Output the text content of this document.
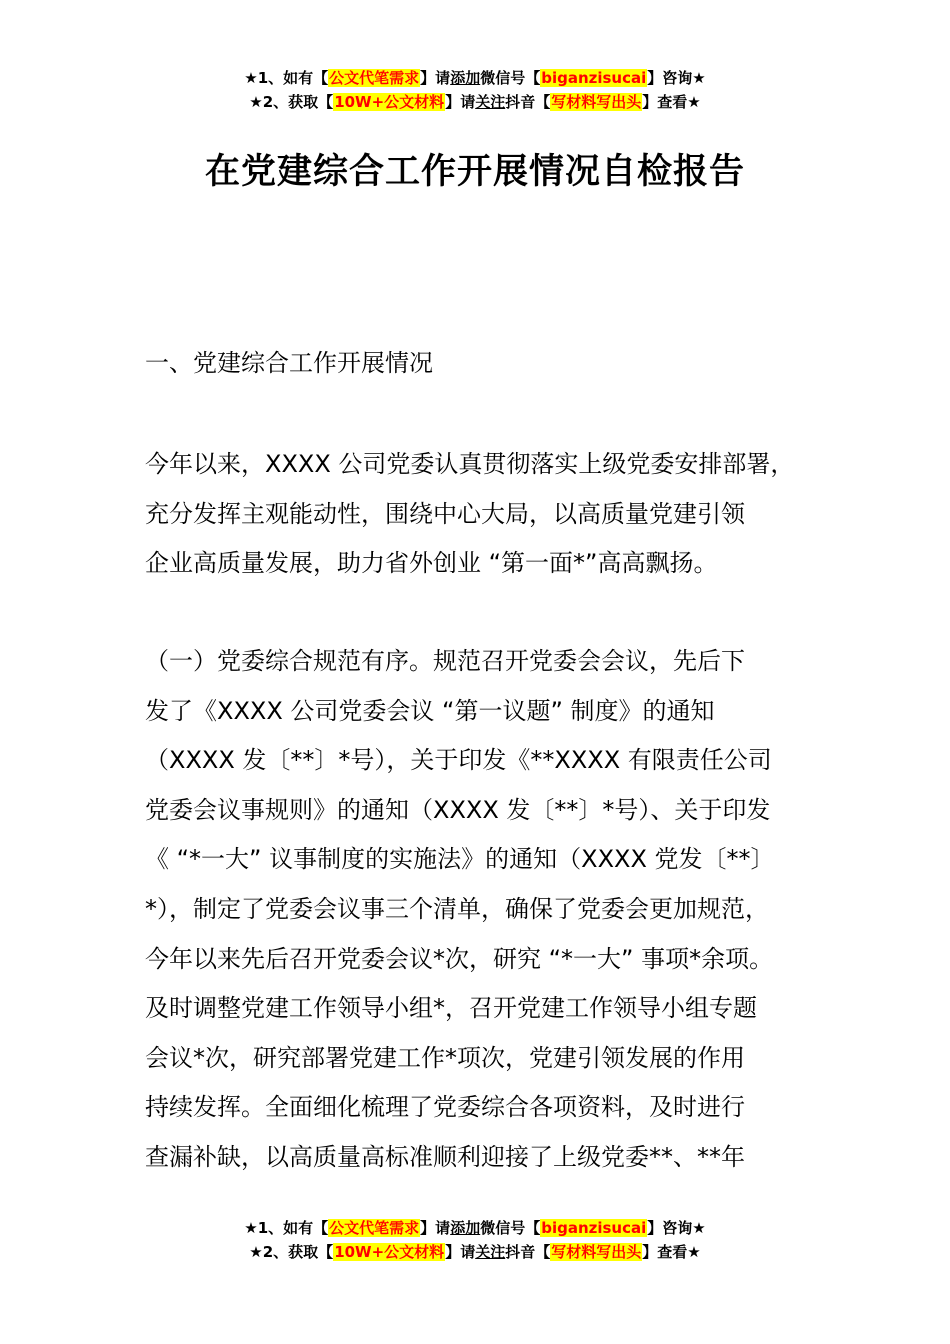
★1、如有【公文代笔需求】请添加微信号【biganzisucai】咨询★
★2、获取【10W+公文材料】请关注抖音【写材料写出头】查看★
在党建综合工作开展情况自检报告
一、党建综合工作开展情况
今年以来，XXXX 公司党委认真贯彻落实上级党委安排部署，
充分发挥主观能动性，围绕中心大局，以高质量党建引领
企业高质量发展，助力省外创业 “第一面*”高高飘扬。
（一）党委综合规范有序。规范召开党委会会议，先后下
发了《XXXX 公司党委会议 “第一议题” 制度》的通知
（XXXX 发〔**〕*号），关于印发《**XXXX 有限责任公司
党委会议事规则》的通知（XXXX 发〔**〕*号）、关于印发
《 “*一大” 议事制度的实施法》的通知（XXXX 党发〔**〕
*），制定了党委会议事三个清单，确保了党委会更加规范，
今年以来先后召开党委会议*次，研究 “*一大” 事项*余项。
及时调整党建工作领导小组*，召开党建工作领导小组专题
会议*次，研究部署党建工作*项次，党建引领发展的作用
持续发挥。全面细化梳理了党委综合各项资料，及时进行
查漏补缺，以高质量高标准顺利迎接了上级党委**、**年
★1、如有【公文代笔需求】请添加微信号【biganzisucai】咨询★
★2、获取【10W+公文材料】请关注抖音【写材料写出头】查看★
